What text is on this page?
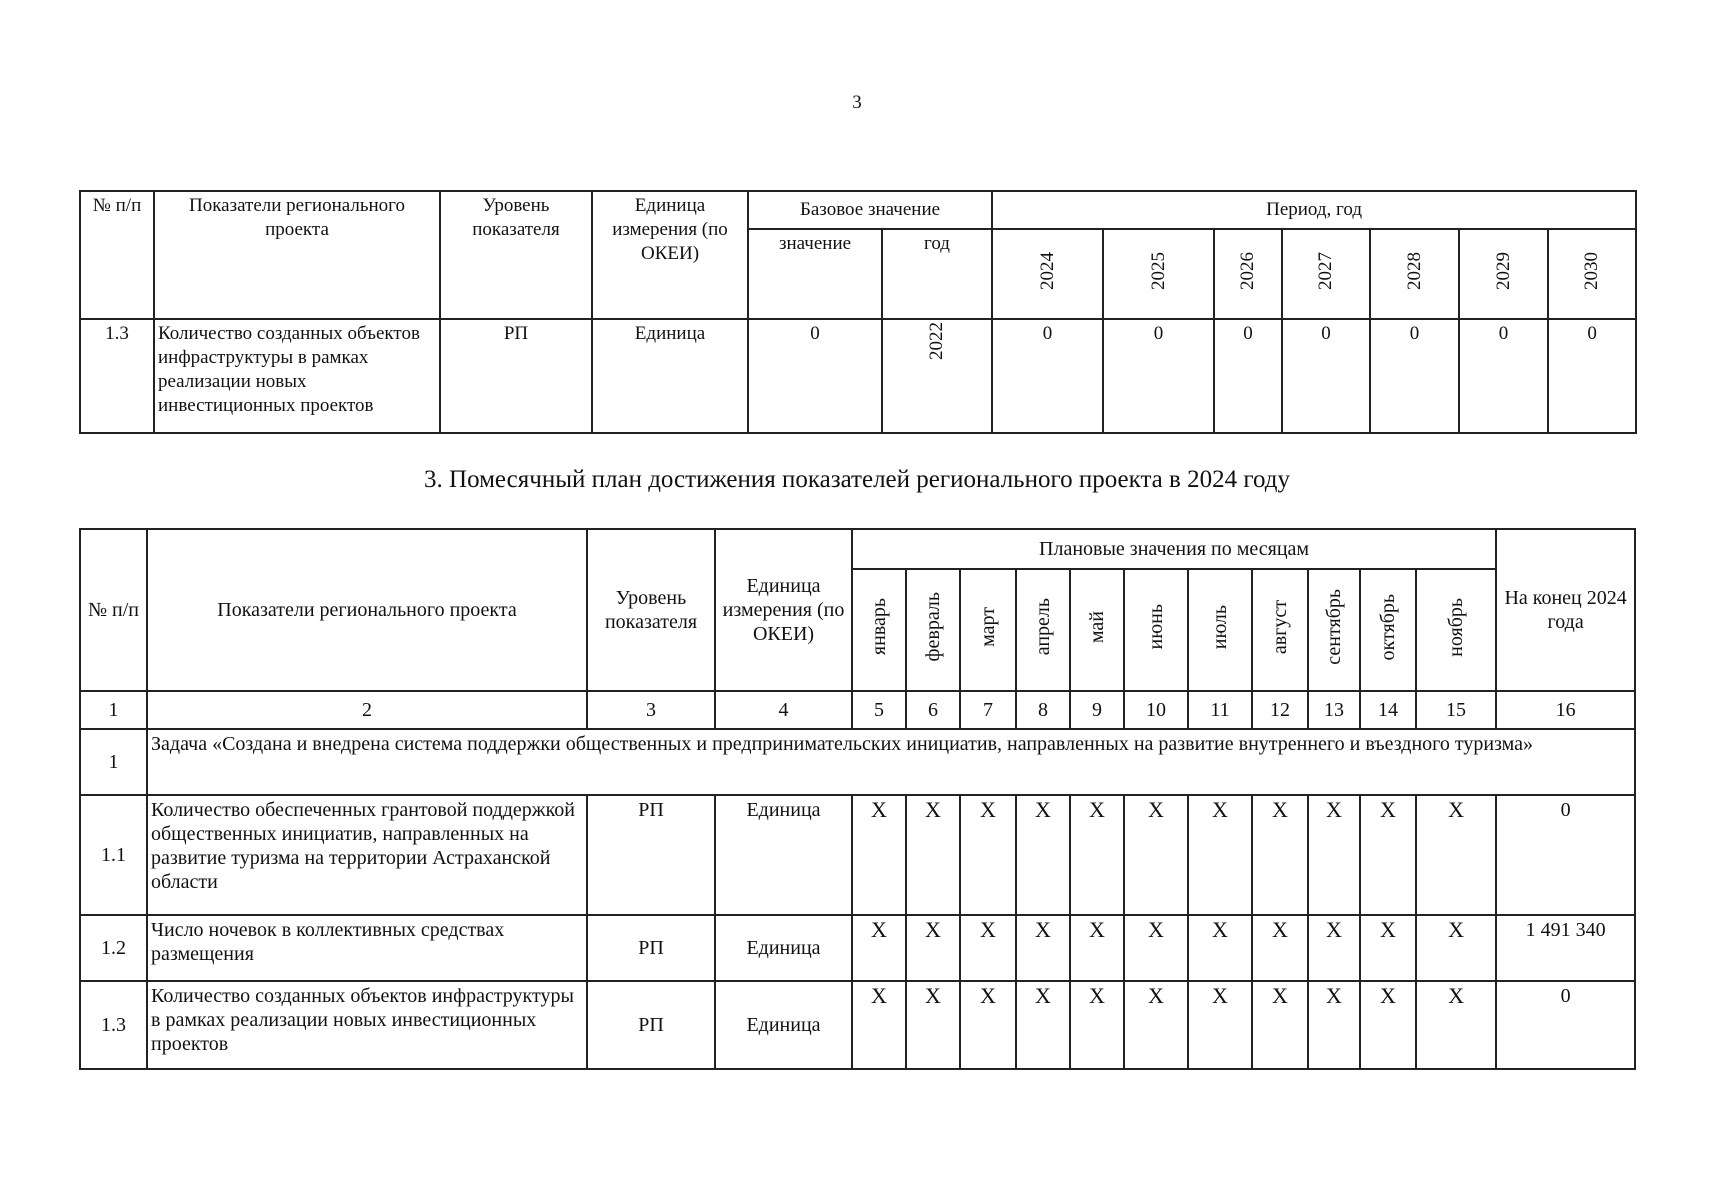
3
№ п/п	Показатели регионального проекта	Уровень показателя	Единица измерения (по ОКЕИ)	Базовое значение		Период, год						
				значение	год	2024	2025	2026	2027	2028	2029	2030
1.3	Количество созданных объектов инфраструктуры в рамках реализации новых инвестиционных проектов	РП	Единица	0	2022	0	0	0	0	0	0	0
3. Помесячный план достижения показателей регионального проекта в 2024 году
№ п/п	Показатели регионального проекта	Уровень показателя	Единица измерения (по ОКЕИ)	Плановые значения по месяцам											На конец 2024 года
				январь	февраль	март	апрель	май	июнь	июль	август	сентябрь	октябрь	ноябрь	
1	2	3	4	5	6	7	8	9	10	11	12	13	14	15	16
1	Задача «Создана и внедрена система поддержки общественных и предпринимательских инициатив, направленных на развитие внутреннего и въездного туризма»														
1.1	Количество обеспеченных грантовой поддержкой общественных инициатив, направленных на развитие туризма на территории Астраханской области	РП	Единица	X	X	X	X	X	X	X	X	X	X	X	0
1.2	Число ночевок в коллективных средствах размещения	РП	Единица	X	X	X	X	X	X	X	X	X	X	X	1 491 340
1.3	Количество созданных объектов инфраструктуры в рамках реализации новых инвестиционных проектов	РП	Единица	X	X	X	X	X	X	X	X	X	X	X	0
